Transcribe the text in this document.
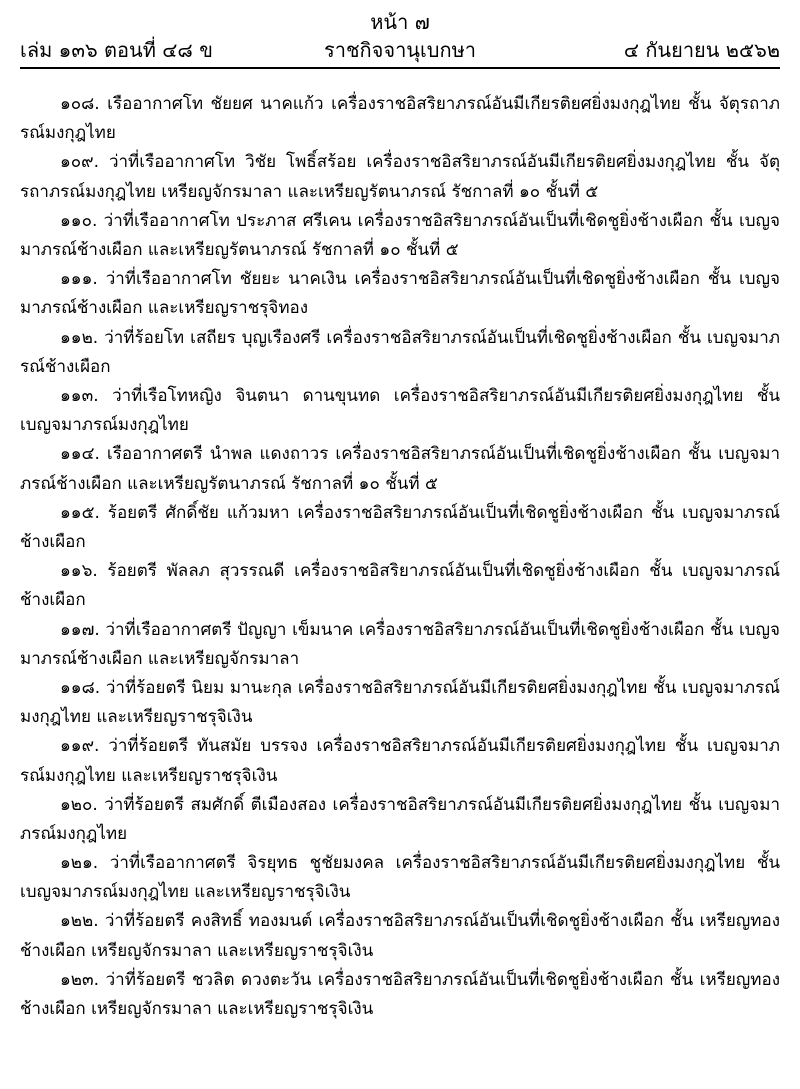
หน้า ๗
ราชกิจจานุเบกษา
เล่ม ๑๓๖ ตอนที่ ๔๘ ข	๔ กันยายน ๒๕๖๒

๑๐๘. เรืออากาศโท ชัยยศ นาคแก้ว เครื่องราชอิสริยาภรณ์อันมีเกียรติยศยิ่งมงกุฎไทย ชั้น จัตุรถาภรณ์มงกุฎไทย

๑๐๙. ว่าที่เรืออากาศโท วิชัย โพธิ์สร้อย เครื่องราชอิสริยาภรณ์อันมีเกียรติยศยิ่งมงกุฎไทย ชั้น จัตุรถาภรณ์มงกุฎไทย เหรียญจักรมาลา และเหรียญรัตนาภรณ์ รัชกาลที่ ๑๐ ชั้นที่ ๕

๑๑๐. ว่าที่เรืออากาศโท ประภาส ศรีเคน เครื่องราชอิสริยาภรณ์อันเป็นที่เชิดชูยิ่งช้างเผือก ชั้น เบญจมาภรณ์ช้างเผือก และเหรียญรัตนาภรณ์ รัชกาลที่ ๑๐ ชั้นที่ ๕

๑๑๑. ว่าที่เรืออากาศโท ชัยยะ นาคเงิน เครื่องราชอิสริยาภรณ์อันเป็นที่เชิดชูยิ่งช้างเผือก ชั้น เบญจมาภรณ์ช้างเผือก และเหรียญราชรุจิทอง

๑๑๒. ว่าที่ร้อยโท เสถียร บุญเรืองศรี เครื่องราชอิสริยาภรณ์อันเป็นที่เชิดชูยิ่งช้างเผือก ชั้น เบญจมาภรณ์ช้างเผือก

๑๑๓. ว่าที่เรือโทหญิง จินตนา ดานขุนทด เครื่องราชอิสริยาภรณ์อันมีเกียรติยศยิ่งมงกุฎไทย ชั้น เบญจมาภรณ์มงกุฎไทย

๑๑๔. เรืออากาศตรี นำพล แดงถาวร เครื่องราชอิสริยาภรณ์อันเป็นที่เชิดชูยิ่งช้างเผือก ชั้น เบญจมาภรณ์ช้างเผือก และเหรียญรัตนาภรณ์ รัชกาลที่ ๑๐ ชั้นที่ ๕

๑๑๕. ร้อยตรี ศักดิ์ชัย แก้วมหา เครื่องราชอิสริยาภรณ์อันเป็นที่เชิดชูยิ่งช้างเผือก ชั้น เบญจมาภรณ์ช้างเผือก

๑๑๖. ร้อยตรี พัลลภ สุวรรณดี เครื่องราชอิสริยาภรณ์อันเป็นที่เชิดชูยิ่งช้างเผือก ชั้น เบญจมาภรณ์ ช้างเผือก

๑๑๗. ว่าที่เรืออากาศตรี ปัญญา เข็มนาค เครื่องราชอิสริยาภรณ์อันเป็นที่เชิดชูยิ่งช้างเผือก ชั้น เบญจมาภรณ์ช้างเผือก และเหรียญจักรมาลา

๑๑๘. ว่าที่ร้อยตรี นิยม มานะกุล เครื่องราชอิสริยาภรณ์อันมีเกียรติยศยิ่งมงกุฎไทย ชั้น เบญจมาภรณ์มงกุฎไทย และเหรียญราชรุจิเงิน

๑๑๙. ว่าที่ร้อยตรี ทันสมัย บรรจง เครื่องราชอิสริยาภรณ์อันมีเกียรติยศยิ่งมงกุฎไทย ชั้น เบญจมาภรณ์มงกุฎไทย และเหรียญราชรุจิเงิน

๑๒๐. ว่าที่ร้อยตรี สมศักดิ์ ตีเมืองสอง เครื่องราชอิสริยาภรณ์อันมีเกียรติยศยิ่งมงกุฎไทย ชั้น เบญจมาภรณ์มงกุฎไทย

๑๒๑. ว่าที่เรืออากาศตรี จิรยุทธ ชูชัยมงคล เครื่องราชอิสริยาภรณ์อันมีเกียรติยศยิ่งมงกุฎไทย ชั้น เบญจมาภรณ์มงกุฎไทย และเหรียญราชรุจิเงิน

๑๒๒. ว่าที่ร้อยตรี คงสิทธิ์ ทองมนต์ เครื่องราชอิสริยาภรณ์อันเป็นที่เชิดชูยิ่งช้างเผือก ชั้น เหรียญทองช้างเผือก เหรียญจักรมาลา และเหรียญราชรุจิเงิน

๑๒๓. ว่าที่ร้อยตรี ชวลิต ดวงตะวัน เครื่องราชอิสริยาภรณ์อันเป็นที่เชิดชูยิ่งช้างเผือก ชั้น เหรียญทองช้างเผือก เหรียญจักรมาลา และเหรียญราชรุจิเงิน
